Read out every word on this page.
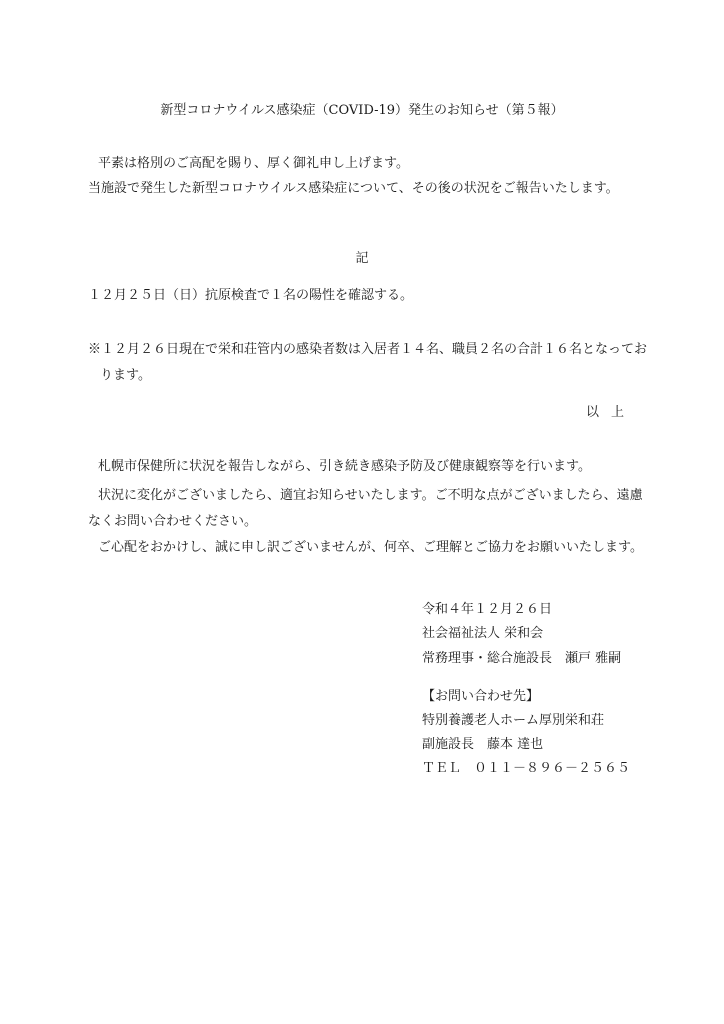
新型コロナウイルス感染症（COVID-19）発生のお知らせ（第５報）
平素は格別のご高配を賜り、厚く御礼申し上げます。
当施設で発生した新型コロナウイルス感染症について、その後の状況をご報告いたします。
記
１２月２５日（日）抗原検査で１名の陽性を確認する。
※１２月２６日現在で栄和荘管内の感染者数は入居者１４名、職員２名の合計１６名となってお
ります。
以上
札幌市保健所に状況を報告しながら、引き続き感染予防及び健康観察等を行います。
状況に変化がございましたら、適宜お知らせいたします。ご不明な点がございましたら、遠慮
なくお問い合わせください。
ご心配をおかけし、誠に申し訳ございませんが、何卒、ご理解とご協力をお願いいたします。
令和４年１２月２６日
社会福祉法人 栄和会
常務理事・総合施設長　瀬戸 雅嗣
【お問い合わせ先】
特別養護老人ホーム厚別栄和荘
副施設長　藤本 達也
ＴＥＬ　０１１－８９６－２５６５
